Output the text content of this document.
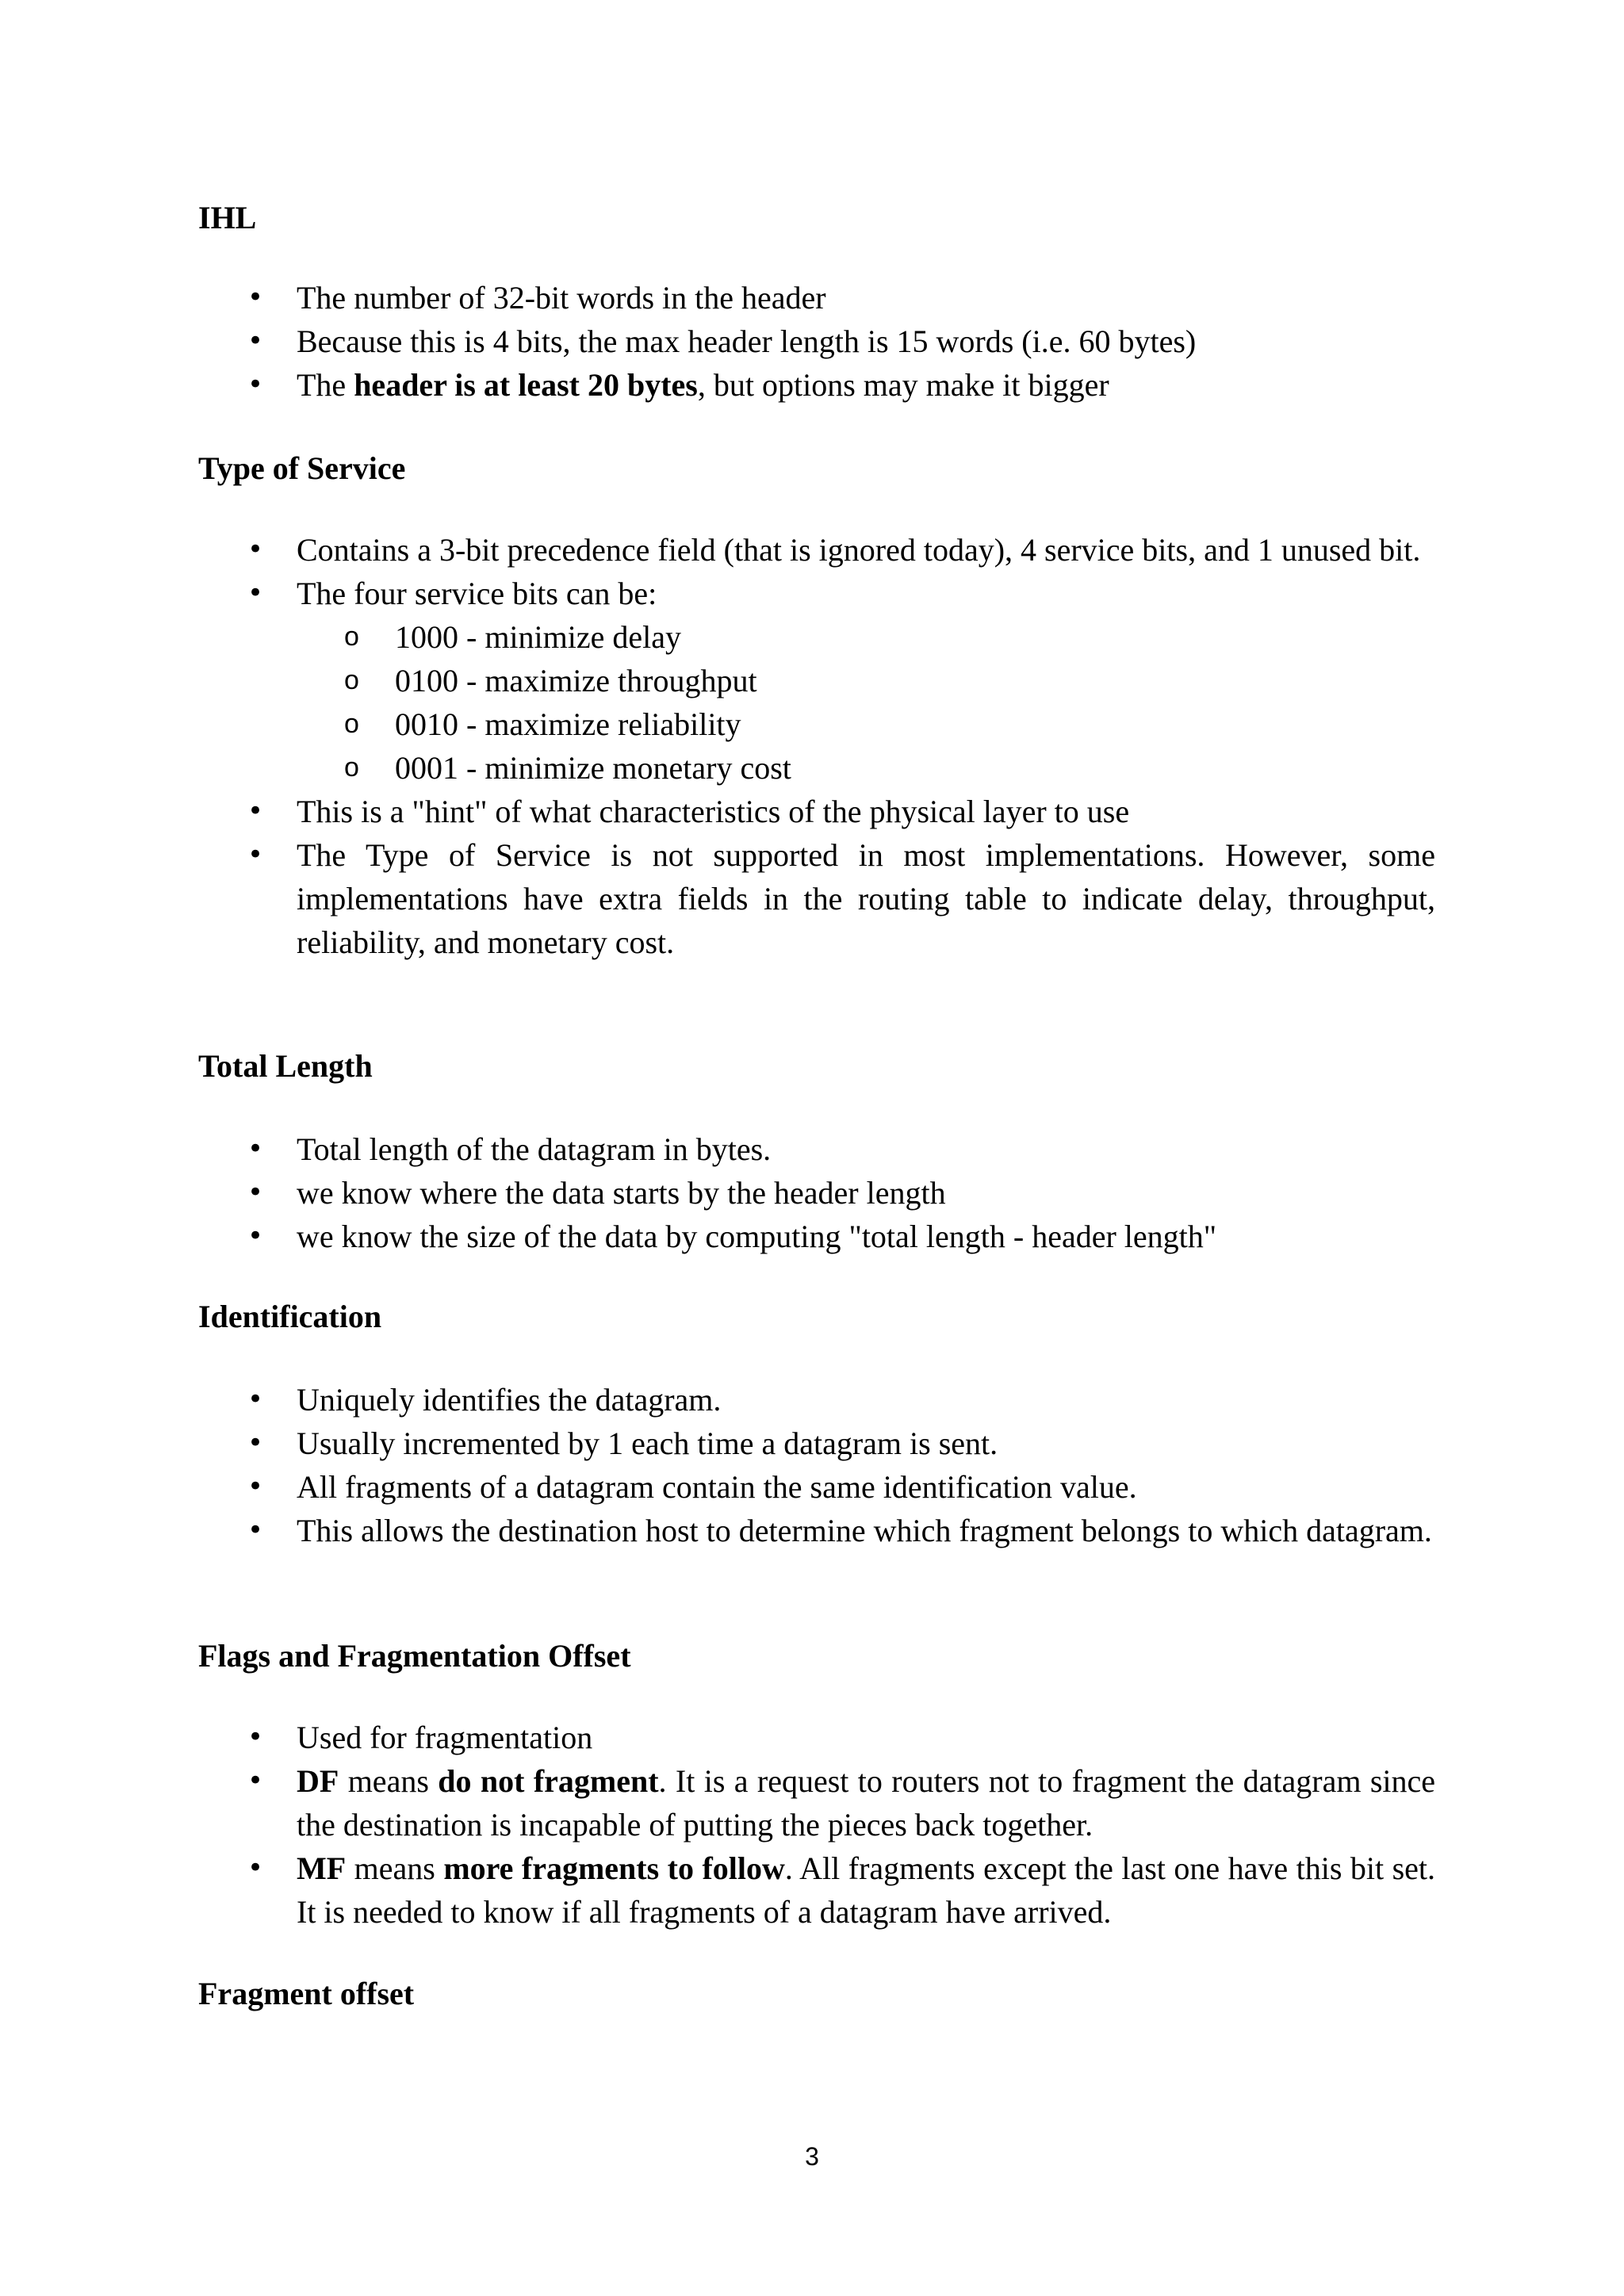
IHL
• The number of 32-bit words in the header
• Because this is 4 bits, the max header length is 15 words (i.e. 60 bytes)
• The header is at least 20 bytes, but options may make it bigger
Type of Service
• Contains a 3-bit precedence field (that is ignored today), 4 service bits, and 1 unused bit.
• The four service bits can be:
o 1000 - minimize delay
o 0100 - maximize throughput
o 0010 - maximize reliability
o 0001 - minimize monetary cost
• This is a "hint" of what characteristics of the physical layer to use
• The Type of Service is not supported in most implementations. However, some implementations have extra fields in the routing table to indicate delay, throughput, reliability, and monetary cost.
Total Length
• Total length of the datagram in bytes.
• we know where the data starts by the header length
• we know the size of the data by computing "total length - header length"
Identification
• Uniquely identifies the datagram.
• Usually incremented by 1 each time a datagram is sent.
• All fragments of a datagram contain the same identification value.
• This allows the destination host to determine which fragment belongs to which datagram.
Flags and Fragmentation Offset
• Used for fragmentation
• DF means do not fragment. It is a request to routers not to fragment the datagram since the destination is incapable of putting the pieces back together.
• MF means more fragments to follow. All fragments except the last one have this bit set. It is needed to know if all fragments of a datagram have arrived.
Fragment offset
3
